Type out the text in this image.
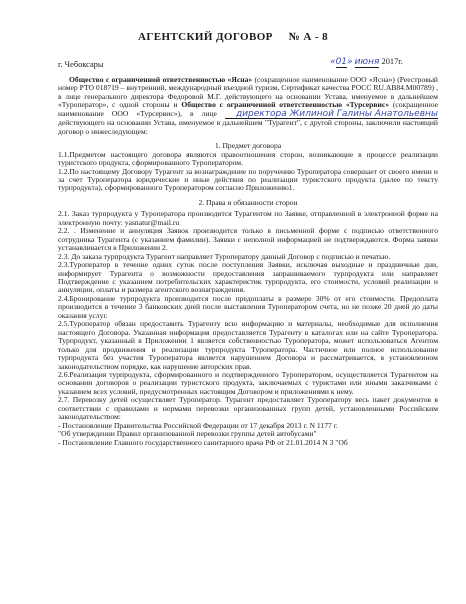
АГЕНТСКИЙ ДОГОВОР № А - 8
г. Чебоксары	«01» июня 2017г.

Общество с ограниченной ответственностью «Ясна» (сокращенное наименование ООО «Ясна») (Реестровый номер РТО 018719 – внутренний, международный въездной туризм, Сертификат качества РОСС RU.АВ84.М00789) , в лице генерального директора Федоровой М.Г. действующего на основании Устава, именуемое в дальнейшем «Туроператор», с одной стороны и Общество с ограниченной ответственностью «Турсервис» (сокращенное наименование ООО «Турсервис»), в лице директора Жилиной Галины Анатольевны действующего на основании Устава, именуемое в дальнейшем "Турагент", с другой стороны, заключили настоящий договор о нижеследующем:

1. Предмет договора

1.1.Предметом настоящего договора являются правоотношения сторон, возникающие в процессе реализации туристского продукта, сформированного Туроператором.

1.2.По настоящему Договору Турагент за вознаграждение по поручению Туроператора совершает от своего имени и за счет Туроператора юридические и иные действия по реализации туристского продукта (далее по тексту турпродукта), сформированного Туроператором согласно Приложению1.

2. Права и обязанности сторон

2.1. Заказ турпродукта у Туроператора производится Турагентом по Заявке, отправленной в электронной форме на электронную почту: yasnatur@mail.ru

2.2. . Изменение и аннуляция Заявок производится только в письменной форме с подписью ответственного сотрудника Турагента (с указанием фамилии). Заявки с неполной информацией не подтверждаются. Форма заявки устанавливается в Приложении 2.

2.3. До заказа турпродукта Турагент направляет Туроператору данный Договор с подписью и печатью.

2.3.Туроператор в течение одних суток после поступления Заявки, исключая выходные и праздничные дни, информирует Турагента о возможности предоставления запрашиваемого турпродукта или направляет Подтверждение с указанием потребительских характеристик турпродукта, его стоимости, условий реализации и аннуляции, оплаты и размера агентского вознаграждения.

2.4.Бронирование турпродукта производится после предоплаты в размере 30% от его стоимости. Предоплата производится в течение 3 банковских дней после выставления Туроператором счета, но не позже 20 дней до даты оказания услуг.

2.5.Туроператор обязан предоставить Турагенту всю информацию и материалы, необходимые для исполнения настоящего Договора. Указанная информация предоставляется Турагенту в каталогах или на сайте Туроператора. Турпродукт, указанный в Приложении 1 является собственностью Туроператора, может использоваться Агентом только для продвижения и реализации турпродукта Туроператора. Частичное или полное использование турпродукта без участия Туроператора является нарушением Договора и рассматривается, в установленном законодательством порядке, как нарушение авторских прав.

2.6.Реализация турпродукта, сформированного и подтвержденного Туроператором, осуществляется Турагентом на основании договоров о реализации туристского продукта, заключаемых с туристами или иными заказчиками с указанием всех условий, предусмотренных настоящим Договором и приложениями к нему.

2.7. Перевозку детей осуществляет Туроператор. Турагент предоставляет Туроператору весь пакет документов в соответствии с правилами и нормами перевозки организованных групп детей, установленными Российским законодательством:

- Постановление Правительства Российской Федерации от 17 декабря 2013 г. N 1177 г.

"Об утверждении Правил организованной перевозки группы детей автобусами"

- Постановление Главного государственного санитарного врача РФ от 21.01.2014 N 3 "Об
